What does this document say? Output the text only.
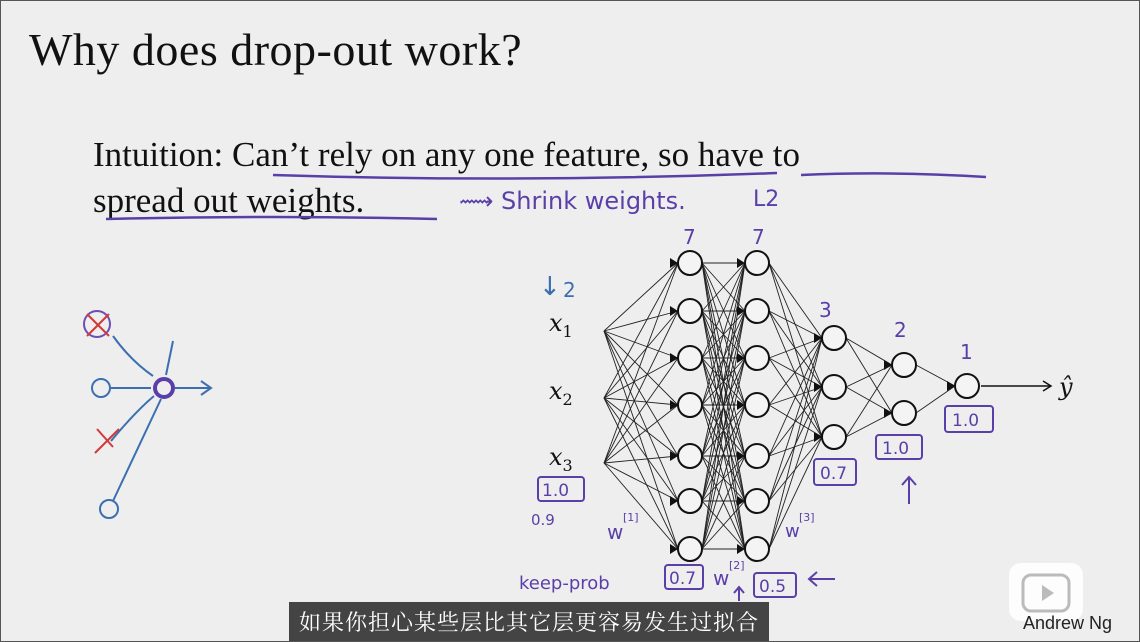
Why does drop-out work?
Intuition: Can’t rely on any one feature, so have to
spread out weights.	⟿ Shrink weights.	L2
$x_1$
$x_2$
$x_3$
ŷ
7	7
3
2
1
↓ 2
1.0
0.7	0.5
0.7
1.0
1.0
0.9
keep-prob
w
[1]
w
[2]
w
[3]
如果你担心某些层比其它层更容易发生过拟合	Andrew Ng
